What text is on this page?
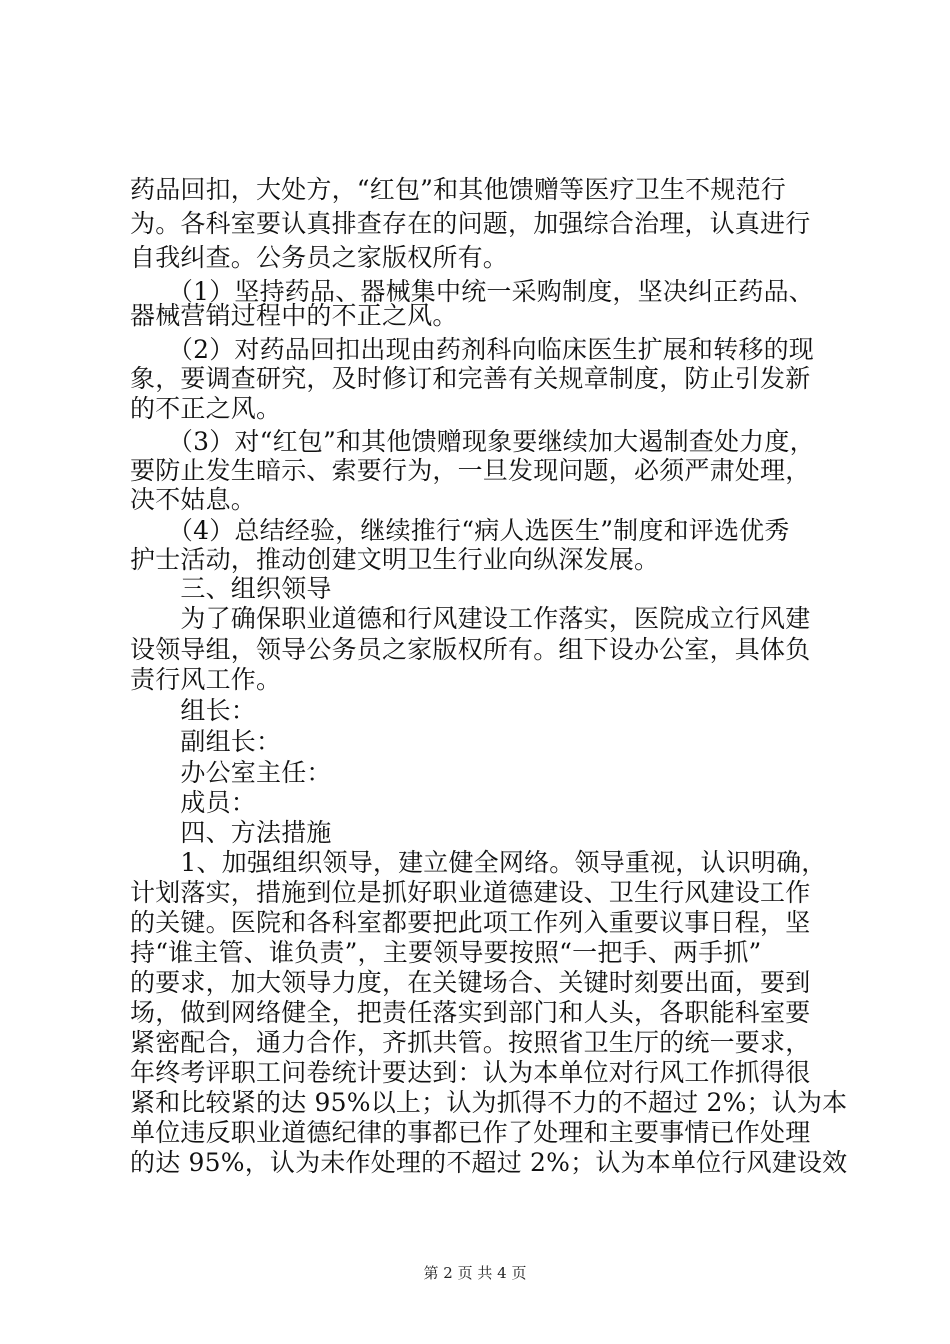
药品回扣，大处方，“红包”和其他馈赠等医疗卫生不规范行
为。各科室要认真排查存在的问题，加强综合治理，认真进行
自我纠查。公务员之家版权所有。
　　（1）坚持药品、器械集中统一采购制度，坚决纠正药品、
器械营销过程中的不正之风。
　　（2）对药品回扣出现由药剂科向临床医生扩展和转移的现
象，要调查研究，及时修订和完善有关规章制度，防止引发新
的不正之风。
　　（3）对“红包”和其他馈赠现象要继续加大遏制查处力度，
要防止发生暗示、索要行为，一旦发现问题，必须严肃处理，
决不姑息。
　　（4）总结经验，继续推行“病人选医生”制度和评选优秀
护士活动，推动创建文明卫生行业向纵深发展。
　　三、组织领导
　　为了确保职业道德和行风建设工作落实，医院成立行风建
设领导组，领导公务员之家版权所有。组下设办公室，具体负
责行风工作。
　　组长：
　　副组长：
　　办公室主任：
　　成员：
　　四、方法措施
　　1、加强组织领导，建立健全网络。领导重视，认识明确，
计划落实，措施到位是抓好职业道德建设、卫生行风建设工作
的关键。医院和各科室都要把此项工作列入重要议事日程，坚
持“谁主管、谁负责”，主要领导要按照“一把手、两手抓”
的要求，加大领导力度，在关键场合、关键时刻要出面，要到
场，做到网络健全，把责任落实到部门和人头，各职能科室要
紧密配合，通力合作，齐抓共管。按照省卫生厅的统一要求，
年终考评职工问卷统计要达到：认为本单位对行风工作抓得很
紧和比较紧的达 95%以上；认为抓得不力的不超过 2%；认为本
单位违反职业道德纪律的事都已作了处理和主要事情已作处理
的达 95%，认为未作处理的不超过 2%；认为本单位行风建设效
第 2 页 共 4 页
